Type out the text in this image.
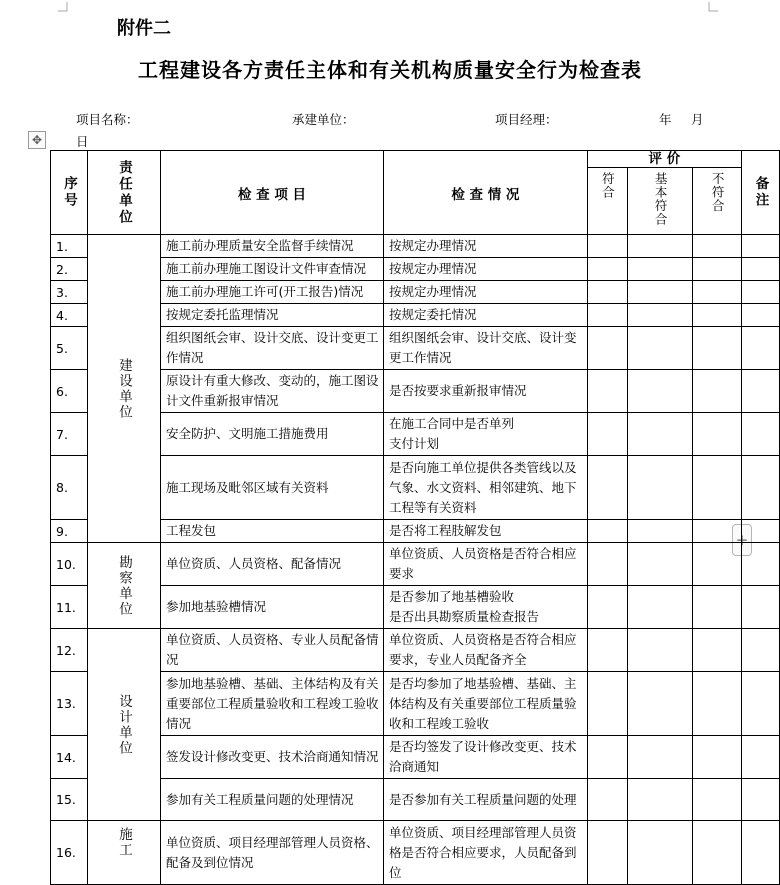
附件二
工程建设各方责任主体和有关机构质量安全行为检查表
项目名称：	承建单位：	项目经理：	年 月
日
✥
+
序号	责任单位	检 查 项 目	检 查 情 况	评 价			备注

				符合	基本符合	不符合	

1.	建设单位	施工前办理质量安全监督手续情况	按规定办理情况				
2.		施工前办理施工图设计文件审查情况	按规定办理情况				
3.		施工前办理施工许可(开工报告)情况	按规定办理情况				
4.		按规定委托监理情况	按规定委托情况				
5.		组织图纸会审、设计交底、设计变更工作情况	组织图纸会审、设计交底、设计变更工作情况				
6.		原设计有重大修改、变动的，施工图设计文件重新报审情况	是否按要求重新报审情况				
7.		安全防护、文明施工措施费用	在施工合同中是否单列
支付计划				
8.		施工现场及毗邻区域有关资料	是否向施工单位提供各类管线以及气象、水文资料、相邻建筑、地下工程等有关资料				
9.		工程发包	是否将工程肢解发包				
10.	勘察单位	单位资质、人员资格、配备情况	单位资质、人员资格是否符合相应要求				
11.		参加地基验槽情况	是否参加了地基槽验收
是否出具勘察质量检查报告				
12.	设计单位	单位资质、人员资格、专业人员配备情况	单位资质、人员资格是否符合相应要求，专业人员配备齐全				
13.		参加地基验槽、基础、主体结构及有关重要部位工程质量验收和工程竣工验收情况	是否均参加了地基验槽、基础、主体结构及有关重要部位工程质量验收和工程竣工验收				
14.		签发设计修改变更、技术洽商通知情况	是否均签发了设计修改变更、技术洽商通知				
15.		参加有关工程质量问题的处理情况	是否参加有关工程质量问题的处理				
16.	施工	单位资质、项目经理部管理人员资格、配备及到位情况	单位资质、项目经理部管理人员资格是否符合相应要求，人员配备到位				
